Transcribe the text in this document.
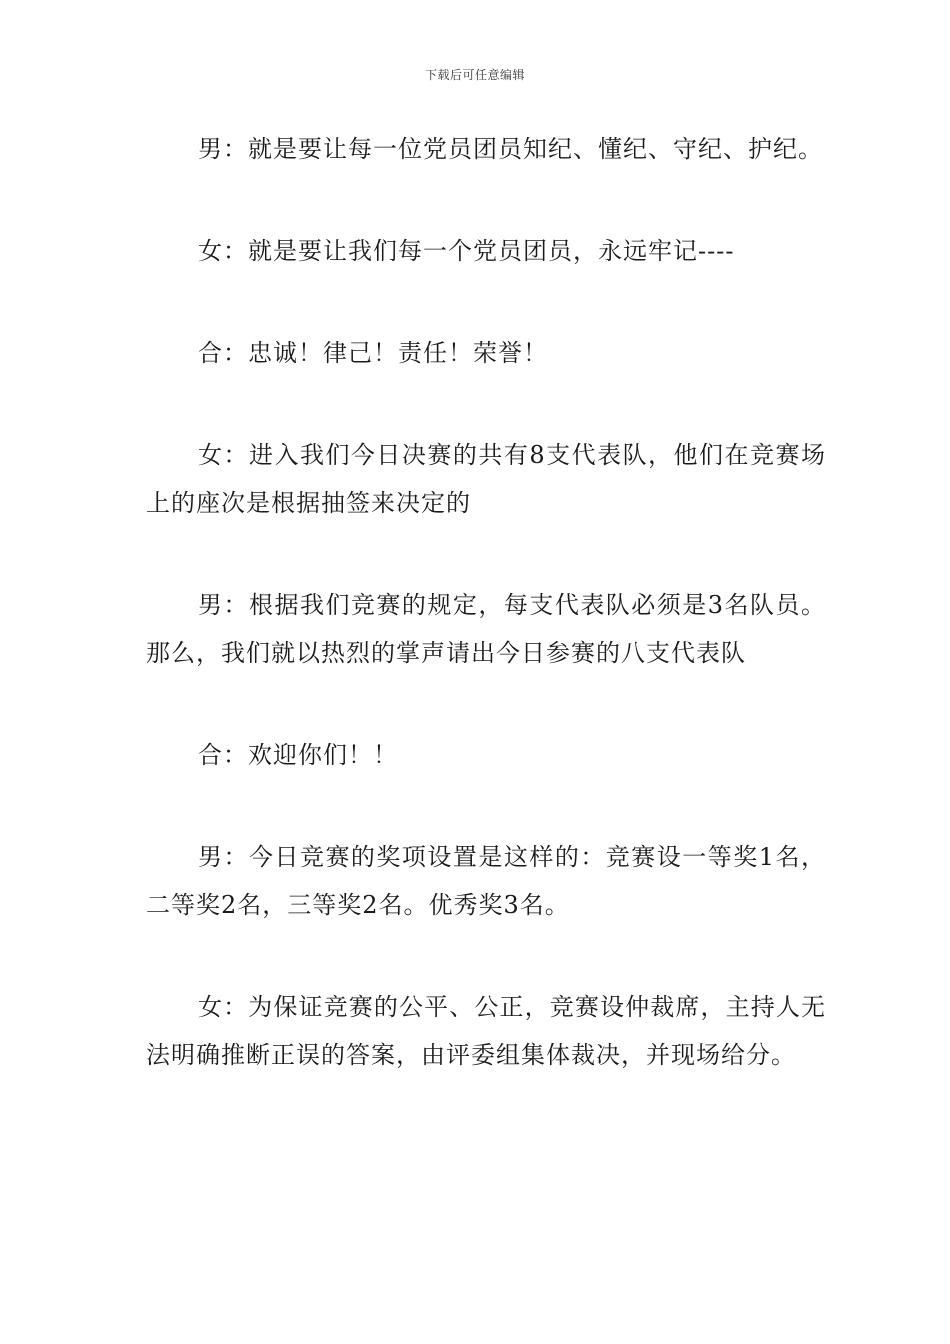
下载后可任意编辑

男：就是要让每一位党员团员知纪、懂纪、守纪、护纪。

女：就是要让我们每一个党员团员，永远牢记----

合：忠诚！律己！责任！荣誉！

女：进入我们今日决赛的共有8支代表队，他们在竞赛场上的座次是根据抽签来决定的

男：根据我们竞赛的规定，每支代表队必须是3名队员。那么，我们就以热烈的掌声请出今日参赛的八支代表队

合：欢迎你们！！

男：今日竞赛的奖项设置是这样的：竞赛设一等奖1名，二等奖2名，三等奖2名。优秀奖3名。

女：为保证竞赛的公平、公正，竞赛设仲裁席，主持人无法明确推断正误的答案，由评委组集体裁决，并现场给分。
